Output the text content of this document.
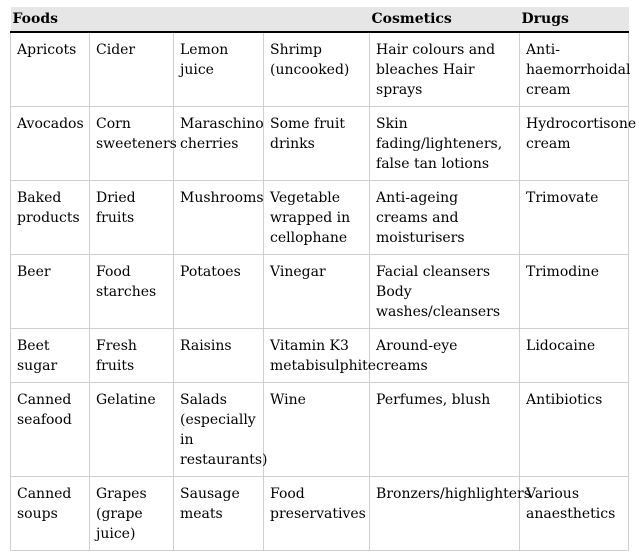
Foods				Cosmetics	Drugs
Apricots	Cider	Lemon juice	Shrimp (uncooked)	Hair colours and bleaches Hair sprays	Anti-haemorrhoidal cream
Avocados	Corn sweeteners	Maraschino cherries	Some fruit drinks	Skin fading/lighteners, false tan lotions	Hydrocortisone cream
Baked products	Dried fruits	Mushrooms	Vegetable wrapped in cellophane	Anti-ageing creams and moisturisers	Trimovate
Beer	Food starches	Potatoes	Vinegar	Facial cleansers Body washes/cleansers	Trimodine
Beet sugar	Fresh fruits	Raisins	Vitamin K3 metabisulphite	Around-eye creams	Lidocaine
Canned seafood	Gelatine	Salads (especially in restaurants)	Wine	Perfumes, blush	Antibiotics
Canned soups	Grapes (grape juice)	Sausage meats	Food preservatives	Bronzers/highlighters	Various anaesthetics
